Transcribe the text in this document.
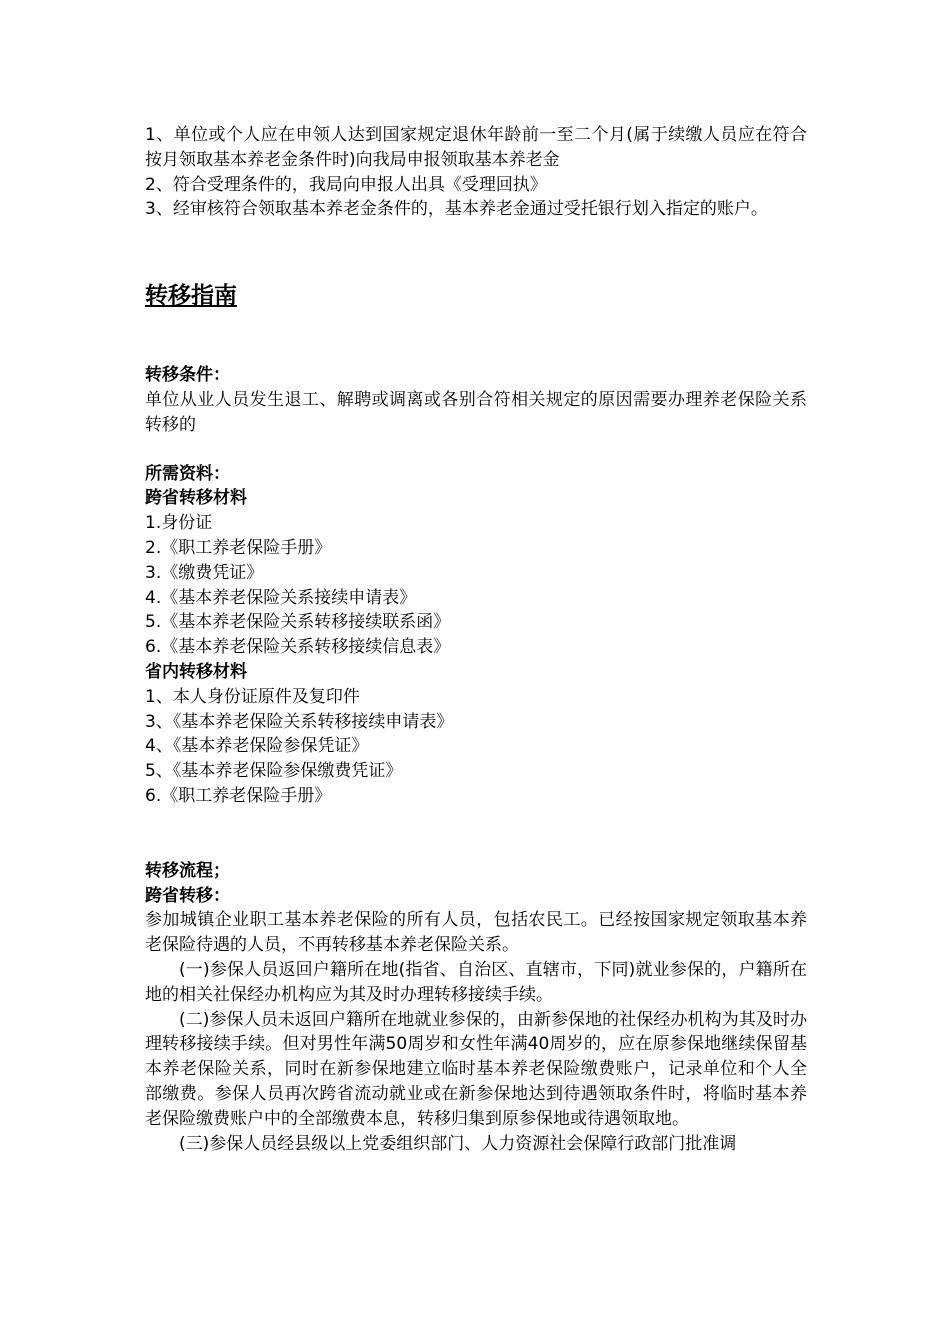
1、单位或个人应在申领人达到国家规定退休年龄前一至二个月(属于续缴人员应在符合按月领取基本养老金条件时)向我局申报领取基本养老金

2、符合受理条件的，我局向申报人出具《受理回执》

3、经审核符合领取基本养老金条件的，基本养老金通过受托银行划入指定的账户。

转移指南

转移条件：

单位从业人员发生退工、解聘或调离或各别合符相关规定的原因需要办理养老保险关系转移的

所需资料：

跨省转移材料

1.身份证

2.《职工养老保险手册》

3.《缴费凭证》

4.《基本养老保险关系接续申请表》

5.《基本养老保险关系转移接续联系函》

6.《基本养老保险关系转移接续信息表》

省内转移材料

1、本人身份证原件及复印件

3、《基本养老保险关系转移接续申请表》

4、《基本养老保险参保凭证》

5、《基本养老保险参保缴费凭证》

6.《职工养老保险手册》

转移流程；

跨省转移：

参加城镇企业职工基本养老保险的所有人员，包括农民工。已经按国家规定领取基本养老保险待遇的人员，不再转移基本养老保险关系。

(一)参保人员返回户籍所在地(指省、自治区、直辖市，下同)就业参保的，户籍所在地的相关社保经办机构应为其及时办理转移接续手续。

(二)参保人员未返回户籍所在地就业参保的，由新参保地的社保经办机构为其及时办理转移接续手续。但对男性年满50周岁和女性年满40周岁的，应在原参保地继续保留基本养老保险关系，同时在新参保地建立临时基本养老保险缴费账户，记录单位和个人全部缴费。参保人员再次跨省流动就业或在新参保地达到待遇领取条件时，将临时基本养老保险缴费账户中的全部缴费本息，转移归集到原参保地或待遇领取地。

(三)参保人员经县级以上党委组织部门、人力资源社会保障行政部门批准调
